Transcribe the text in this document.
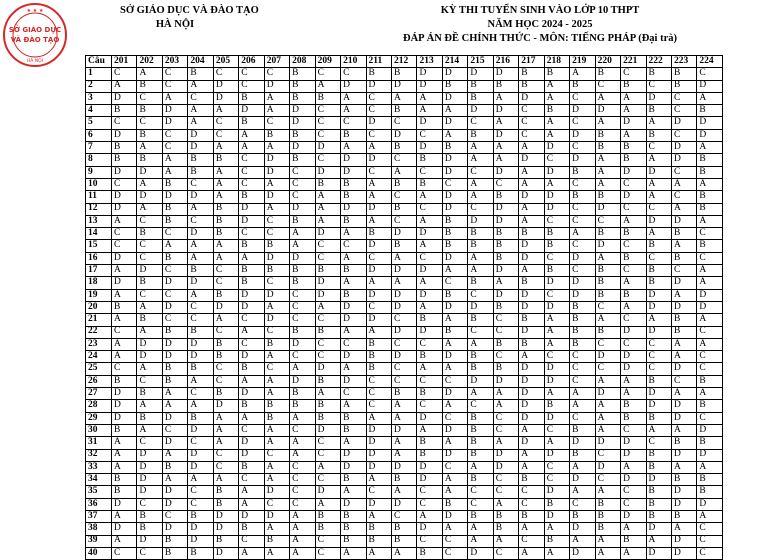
★ ★ ★
SỞ GIÁO DỤC
VÀ ĐÀO TẠO
HÀ NỘI
SỞ GIÁO DỤC VÀ ĐÀO TẠO
HÀ NỘI
KỲ THI TUYỂN SINH VÀO LỚP 10 THPT
NĂM HỌC 2024 - 2025
ĐÁP ÁN ĐỀ CHÍNH THỨC - MÔN: TIẾNG PHÁP (Đại trà)
Câu	201	202	203	204	205	206	207	208	209	210	211	212	213	214	215	216	217	218	219	220	221	222	223	224
1	C	A	C	B	C	C	C	B	C	C	B	B	D	D	D	D	B	B	A	B	C	B	B	C
2	A	B	C	A	D	C	D	B	A	D	D	D	D	B	B	B	B	A	B	C	B	C	B	D
3	D	C	A	C	D	B	A	B	B	A	C	A	A	D	B	A	D	A	C	A	A	D	C	A
4	B	B	D	A	A	D	A	D	C	A	C	B	A	A	D	D	C	B	D	D	A	B	C	B
5	C	C	D	A	C	B	C	D	C	C	D	C	D	D	C	A	C	A	C	A	D	A	D	D
6	D	B	C	D	C	A	B	B	C	B	C	D	C	A	B	D	C	A	D	B	A	B	C	D
7	B	A	C	D	A	A	A	D	D	A	A	B	D	B	A	A	A	D	C	B	B	C	D	A
8	B	B	A	B	B	C	D	B	C	D	D	C	B	D	A	A	D	C	D	A	B	A	D	B
9	D	D	A	B	A	C	D	C	D	D	C	A	C	D	C	D	A	D	B	A	D	D	C	B
10	C	A	B	C	A	C	A	C	B	B	A	B	B	C	A	C	A	A	C	A	C	A	A	A
11	D	D	D	D	A	B	D	C	A	B	A	C	A	D	A	B	D	D	B	B	D	A	C	B
12	D	A	B	A	B	D	A	D	A	D	D	B	C	D	C	D	A	D	C	D	C	C	A	B
13	A	C	B	C	B	D	C	B	A	B	A	C	A	B	D	D	A	C	C	C	A	D	D	A
14	C	B	C	D	B	C	C	A	D	A	B	D	D	B	B	B	B	B	A	B	B	A	B	C
15	C	C	A	A	A	B	B	A	C	C	D	B	A	B	B	B	D	B	C	D	C	B	A	B
16	D	C	B	A	A	A	D	D	C	A	C	A	C	D	A	B	D	C	D	A	B	C	B	C
17	A	D	C	B	C	B	B	B	B	B	D	D	D	A	A	D	A	B	C	B	C	B	C	A
18	D	B	D	D	C	B	C	B	D	A	A	A	A	C	B	A	B	D	D	B	A	B	D	A
19	A	C	C	A	B	D	D	C	D	B	D	D	D	B	C	D	D	C	D	B	B	D	A	D
20	B	A	D	C	D	D	A	C	A	D	C	D	A	D	D	B	D	D	B	C	A	D	D	D
21	A	B	C	C	A	C	D	C	C	D	D	C	B	A	B	C	B	A	B	A	C	A	B	A
22	C	A	B	B	C	A	C	B	B	A	A	D	D	B	C	C	D	A	B	B	D	D	B	C
23	A	D	D	D	B	C	B	D	C	C	B	C	C	A	A	B	B	A	B	C	C	C	A	A
24	A	D	D	D	B	D	A	C	C	D	B	D	B	D	B	C	A	C	C	D	D	C	A	C
25	C	A	B	B	C	B	C	A	D	A	B	C	A	A	B	B	D	D	C	C	D	C	D	C
26	B	C	B	A	C	A	A	D	B	D	C	C	C	C	D	D	D	D	C	A	A	B	C	B
27	D	B	A	C	B	D	A	B	A	C	C	B	B	D	A	A	D	A	A	D	A	D	A	A
28	D	A	A	A	D	B	B	B	B	A	C	A	C	A	C	A	D	B	A	A	B	D	D	B
29	D	B	D	B	A	A	B	A	B	B	A	A	D	C	B	C	D	D	C	A	B	B	D	C
30	B	A	C	D	A	C	A	C	D	B	D	D	A	D	B	C	A	C	B	A	C	A	A	D
31	A	C	D	C	A	D	A	A	C	A	D	A	B	A	B	A	D	A	D	D	D	C	B	B
32	A	D	A	D	C	D	C	A	C	D	D	A	B	D	B	D	A	D	B	C	D	B	D	D
33	A	D	B	D	C	B	A	C	A	D	D	D	D	C	A	D	A	C	A	D	A	B	A	A
34	B	D	A	A	A	C	A	C	C	B	A	B	D	A	B	C	B	C	D	C	D	D	B	B
35	B	D	D	C	B	A	D	C	D	A	C	A	C	A	C	C	C	D	A	A	C	B	D	B
36	D	C	D	C	B	A	C	C	A	D	D	D	C	B	C	A	C	B	C	B	C	B	D	D
37	A	B	C	B	D	D	D	A	B	B	A	C	A	D	B	B	B	D	B	B	D	B	B	A
38	D	B	D	D	D	B	A	A	B	B	B	B	D	A	A	B	A	A	D	B	A	D	A	C
39	A	D	B	D	B	C	B	A	C	B	B	B	C	C	A	A	C	B	A	A	B	A	D	C
40	C	C	B	B	D	A	A	A	C	A	A	A	B	C	D	C	A	A	D	A	A	D	D	C
